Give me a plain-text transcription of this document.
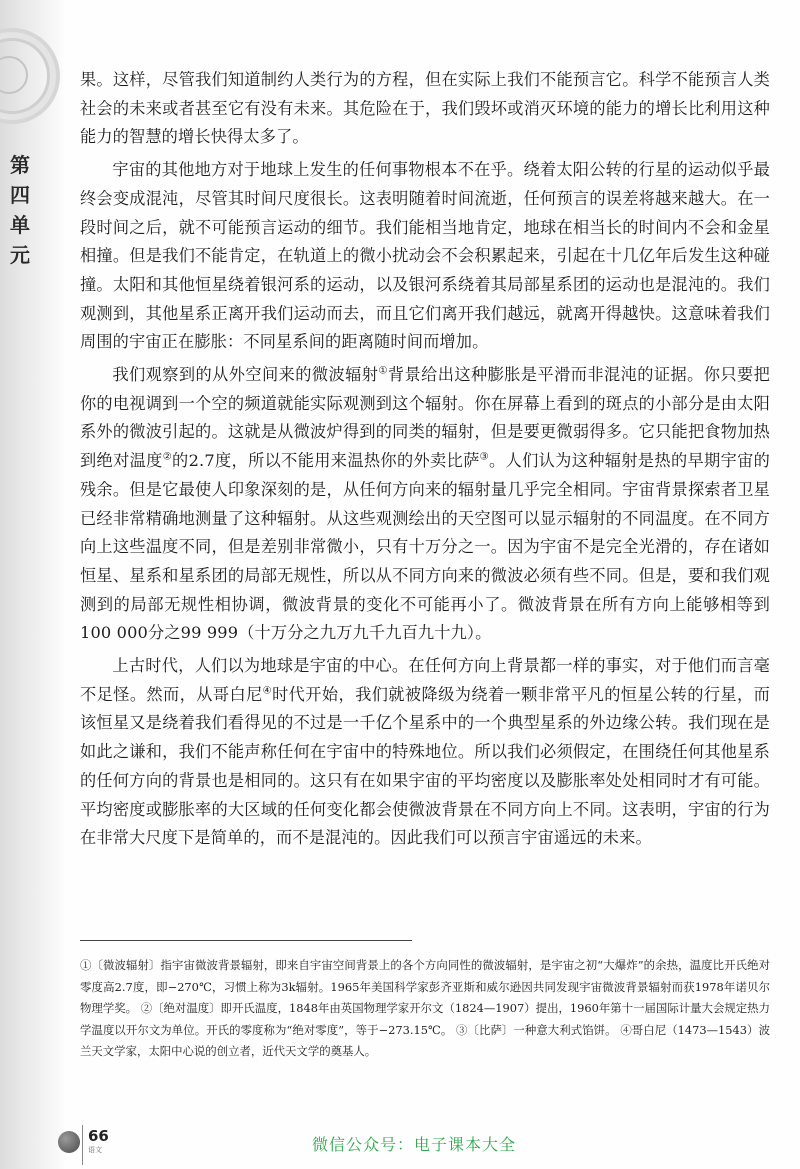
第
四
单
元

果。这样，尽管我们知道制约人类行为的方程，但在实际上我们不能预言它。科学不能预言人类社会的未来或者甚至它有没有未来。其危险在于，我们毁坏或消灭环境的能力的增长比利用这种能力的智慧的增长快得太多了。

宇宙的其他地方对于地球上发生的任何事物根本不在乎。绕着太阳公转的行星的运动似乎最终会变成混沌，尽管其时间尺度很长。这表明随着时间流逝，任何预言的误差将越来越大。在一段时间之后，就不可能预言运动的细节。我们能相当地肯定，地球在相当长的时间内不会和金星相撞。但是我们不能肯定，在轨道上的微小扰动会不会积累起来，引起在十几亿年后发生这种碰撞。太阳和其他恒星绕着银河系的运动，以及银河系绕着其局部星系团的运动也是混沌的。我们观测到，其他星系正离开我们运动而去，而且它们离开我们越远，就离开得越快。这意味着我们周围的宇宙正在膨胀：不同星系间的距离随时间而增加。

我们观察到的从外空间来的微波辐射①背景给出这种膨胀是平滑而非混沌的证据。你只要把你的电视调到一个空的频道就能实际观测到这个辐射。你在屏幕上看到的斑点的小部分是由太阳系外的微波引起的。这就是从微波炉得到的同类的辐射，但是要更微弱得多。它只能把食物加热到绝对温度②的2.7度，所以不能用来温热你的外卖比萨③。人们认为这种辐射是热的早期宇宙的残余。但是它最使人印象深刻的是，从任何方向来的辐射量几乎完全相同。宇宙背景探索者卫星已经非常精确地测量了这种辐射。从这些观测绘出的天空图可以显示辐射的不同温度。在不同方向上这些温度不同，但是差别非常微小，只有十万分之一。因为宇宙不是完全光滑的，存在诸如恒星、星系和星系团的局部无规性，所以从不同方向来的微波必须有些不同。但是，要和我们观测到的局部无规性相协调，微波背景的变化不可能再小了。微波背景在所有方向上能够相等到100 000分之99 999（十万分之九万九千九百九十九）。

上古时代，人们以为地球是宇宙的中心。在任何方向上背景都一样的事实，对于他们而言毫不足怪。然而，从哥白尼④时代开始，我们就被降级为绕着一颗非常平凡的恒星公转的行星，而该恒星又是绕着我们看得见的不过是一千亿个星系中的一个典型星系的外边缘公转。我们现在是如此之谦和，我们不能声称任何在宇宙中的特殊地位。所以我们必须假定，在围绕任何其他星系的任何方向的背景也是相同的。这只有在如果宇宙的平均密度以及膨胀率处处相同时才有可能。平均密度或膨胀率的大区域的任何变化都会使微波背景在不同方向上不同。这表明，宇宙的行为在非常大尺度下是简单的，而不是混沌的。因此我们可以预言宇宙遥远的未来。

①〔微波辐射〕指宇宙微波背景辐射，即来自宇宙空间背景上的各个方向同性的微波辐射，是宇宙之初“大爆炸”的余热，温度比开氏绝对零度高2.7度，即−270℃，习惯上称为3k辐射。1965年美国科学家彭齐亚斯和威尔逊因共同发现宇宙微波背景辐射而获1978年诺贝尔物理学奖。 ②〔绝对温度〕即开氏温度，1848年由英国物理学家开尔文（1824—1907）提出，1960年第十一届国际计量大会规定热力学温度以开尔文为单位。开氏的零度称为“绝对零度”，等于−273.15℃。 ③〔比萨〕一种意大利式馅饼。 ④哥白尼（1473—1543）波兰天文学家，太阳中心说的创立者，近代天文学的奠基人。
66
语文	微信公众号：电子课本大全
